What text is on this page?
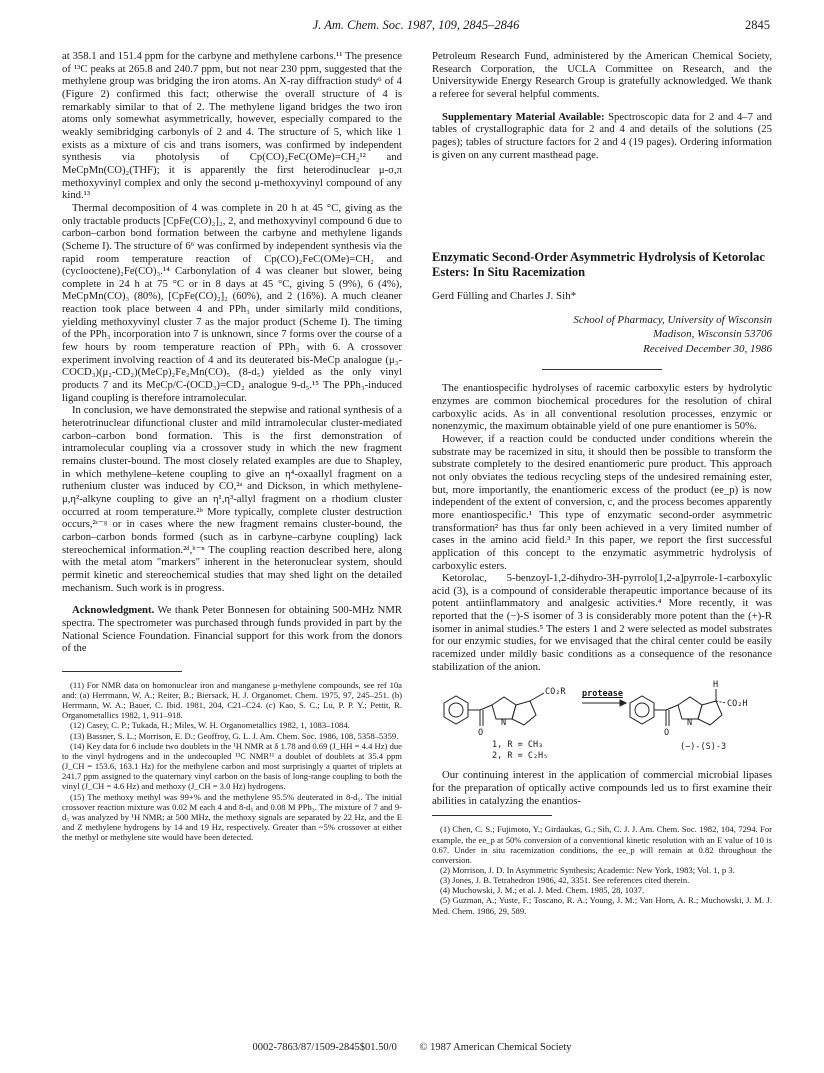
J. Am. Chem. Soc. 1987, 109, 2845–2846	2845

at 358.1 and 151.4 ppm for the carbyne and methylene carbons.¹¹ The presence of ¹³C peaks at 265.8 and 240.7 ppm, but not near 230 ppm, suggested that the methylene group was bridging the iron atoms. An X-ray diffraction study⁶ of 4 (Figure 2) confirmed this fact; otherwise the overall structure of 4 is remarkably similar to that of 2. The methylene ligand bridges the two iron atoms only somewhat asymmetrically, however, especially compared to the weakly semibridging carbonyls of 2 and 4. The structure of 5, which like 1 exists as a mixture of cis and trans isomers, was confirmed by independent synthesis via photolysis of Cp(CO)₂FeC(OMe)=CH₂¹² and MeCpMn(CO)₂(THF); it is apparently the first heterodinuclear μ-σ,π methoxyvinyl complex and only the second μ-methoxyvinyl compound of any kind.¹³

Thermal decomposition of 4 was complete in 20 h at 45 °C, giving as the only tractable products [CpFe(CO)₂]₂, 2, and methoxyvinyl compound 6 due to carbon–carbon bond formation between the carbyne and methylene ligands (Scheme I). The structure of 6⁶ was confirmed by independent synthesis via the rapid room temperature reaction of Cp(CO)₂FeC(OMe)=CH₂ and (cyclooctene)₂Fe(CO)₃.¹⁴ Carbonylation of 4 was cleaner but slower, being complete in 24 h at 75 °C or in 8 days at 45 °C, giving 5 (9%), 6 (4%), MeCpMn(CO)₃ (80%), [CpFe(CO)₂]₂ (60%), and 2 (16%). A much cleaner reaction took place between 4 and PPh₃ under similarly mild conditions, yielding methoxyvinyl cluster 7 as the major product (Scheme I). The timing of the PPh₃ incorporation into 7 is unknown, since 7 forms over the course of a few hours by room temperature reaction of PPh₃ with 6. A crossover experiment involving reaction of 4 and its deuterated bis-MeCp analogue (μ₃-COCD₃)(μ₂-CD₂)(MeCp)₂Fe₂Mn(CO)₅ (8-d₅) yielded as the only vinyl products 7 and its MeCp/C-(OCD₃)=CD₂ analogue 9-d₅.¹⁵ The PPh₃-induced ligand coupling is therefore intramolecular.

In conclusion, we have demonstrated the stepwise and rational synthesis of a heterotrinuclear difunctional cluster and mild intramolecular cluster-mediated carbon–carbon bond formation. This is the first demonstration of intramolecular coupling via a crossover study in which the new fragment remains cluster-bound. The most closely related examples are due to Shapley, in which methylene–ketene coupling to give an η⁴-oxaallyl fragment on a ruthenium cluster was induced by CO,²ᵃ and Dickson, in which methylene-μ,η²-alkyne coupling to give an η¹,η³-allyl fragment on a rhodium cluster occurred at room temperature.²ᵇ More typically, complete cluster destruction occurs,²ᶜ⁻ᵍ or in cases where the new fragment remains cluster-bound, the carbon–carbon bonds formed (such as in carbyne–carbyne coupling) lack stereochemical information.²ᵈ,ʰ⁻ⁿ The coupling reaction described here, along with the metal atom "markers" inherent in the heteronuclear system, should permit kinetic and stereochemical studies that may shed light on the detailed mechanism. Such work is in progress.

Acknowledgment. We thank Peter Bonnesen for obtaining 500-MHz NMR spectra. The spectrometer was purchased through funds provided in part by the National Science Foundation. Financial support for this work from the donors of the

(11) For NMR data on homonuclear iron and manganese μ-methylene compounds, see ref 10a and: (a) Herrmann, W. A.; Reiter, B.; Biersack, H. J. Organomet. Chem. 1975, 97, 245–251. (b) Herrmann, W. A.; Bauer, C. Ibid. 1981, 204, C21–C24. (c) Kao, S. C.; Lu, P. P. Y.; Pettit, R. Organometallics 1982, 1, 911–918.

(12) Casey, C. P.; Tukada, H.; Miles, W. H. Organometallics 1982, 1, 1083–1084.

(13) Bassner, S. L.; Morrison, E. D.; Geoffroy, G. L. J. Am. Chem. Soc. 1986, 108, 5358–5359.

(14) Key data for 6 include two doublets in the ¹H NMR at δ 1.78 and 0.69 (J_HH = 4.4 Hz) due to the vinyl hydrogens and in the undecoupled ¹³C NMR¹¹ a doublet of doublets at 35.4 ppm (J_CH = 153.6, 163.1 Hz) for the methylene carbon and most surprisingly a quartet of triplets at 241.7 ppm assigned to the quaternary vinyl carbon on the basis of long-range coupling to both the vinyl (J_CH = 4.6 Hz) and methoxy (J_CH = 3.0 Hz) hydrogens.

(15) The methoxy methyl was 99+% and the methylene 95.5% deuterated in 8-d₅. The initial crossover reaction mixture was 0.02 M each 4 and 8-d₅ and 0.08 M PPh₃. The mixture of 7 and 9-d₅ was analyzed by ¹H NMR; at 500 MHz, the methoxy signals are separated by 22 Hz, and the E and Z methylene hydrogens by 14 and 19 Hz, respectively. Greater than ~5% crossover at either the methyl or methylene site would have been detected.

Petroleum Research Fund, administered by the American Chemical Society, Research Corporation, the UCLA Committee on Research, and the Universitywide Energy Research Group is gratefully acknowledged. We thank a referee for several helpful comments.

Supplementary Material Available: Spectroscopic data for 2 and 4–7 and tables of crystallographic data for 2 and 4 and details of the solutions (25 pages); tables of structure factors for 2 and 4 (19 pages). Ordering information is given on any current masthead page.

Enzymatic Second-Order Asymmetric Hydrolysis of Ketorolac Esters: In Situ Racemization
Gerd Fülling and Charles J. Sih*
School of Pharmacy, University of Wisconsin
Madison, Wisconsin 53706
Received December 30, 1986

The enantiospecific hydrolyses of racemic carboxylic esters by hydrolytic enzymes are common biochemical procedures for the resolution of chiral carboxylic acids. As in all conventional resolution processes, enzymic or nonenzymic, the maximum obtainable yield of one pure enantiomer is 50%.

However, if a reaction could be conducted under conditions wherein the substrate may be racemized in situ, it should then be possible to transform the substrate completely to the desired enantiomeric pure product. This approach not only obviates the tedious recycling steps of the undesired remaining ester, but, more importantly, the enantiomeric excess of the product (ee_p) is now independent of the extent of conversion, c, and the process becomes apparently more enantiospecific.¹ This type of enzymatic second-order asymmetric transformation² has thus far only been achieved in a very limited number of cases in the amino acid field.³ In this paper, we report the first successful application of this concept to the enzymatic asymmetric hydrolysis of carboxylic esters.

Ketorolac, 5-benzoyl-1,2-dihydro-3H-pyrrolo[1,2-a]pyrrole-1-carboxylic acid (3), is a compound of considerable therapeutic importance because of its potent antiinflammatory and analgesic activities.⁴ More recently, it was reported that the (−)-S isomer of 3 is considerably more potent than the (+)-R isomer in animal studies.⁵ The esters 1 and 2 were selected as model substrates for our enzymic studies, for we envisaged that the chiral center could be easily racemized under mildly basic conditions as a consequence of the resonance stabilization of the anion.

CO₂R protease
CO₂H
H
N	N
O	O
1, R = CH₃
2, R = C₂H₅
(−)-(S)-3

Our continuing interest in the application of commercial microbial lipases for the preparation of optically active compounds led us to first examine their abilities in catalyzing the enantios-

(1) Chen, C. S.; Fujimoto, Y.; Girdaukas, G.; Sih, C. J. J. Am. Chem. Soc. 1982, 104, 7294. For example, the ee_p at 50% conversion of a conventional kinetic resolution with an E value of 10 is 0.67. Under in situ racemization conditions, the ee_p will remain at 0.82 throughout the conversion.

(2) Morrison, J. D. In Asymmetric Synthesis; Academic: New York, 1983; Vol. 1, p 3.

(3) Jones, J. B. Tetrahedron 1986, 42, 3351. See references cited therein.

(4) Muchowski, J. M.; et al. J. Med. Chem. 1985, 28, 1037.

(5) Guzman, A.; Yuste, F.; Toscano, R. A.; Young, J. M.; Van Horn, A. R.; Muchowski, J. M. J. Med. Chem. 1986, 29, 589.

0002-7863/87/1509-2845$01.50/0 © 1987 American Chemical Society
